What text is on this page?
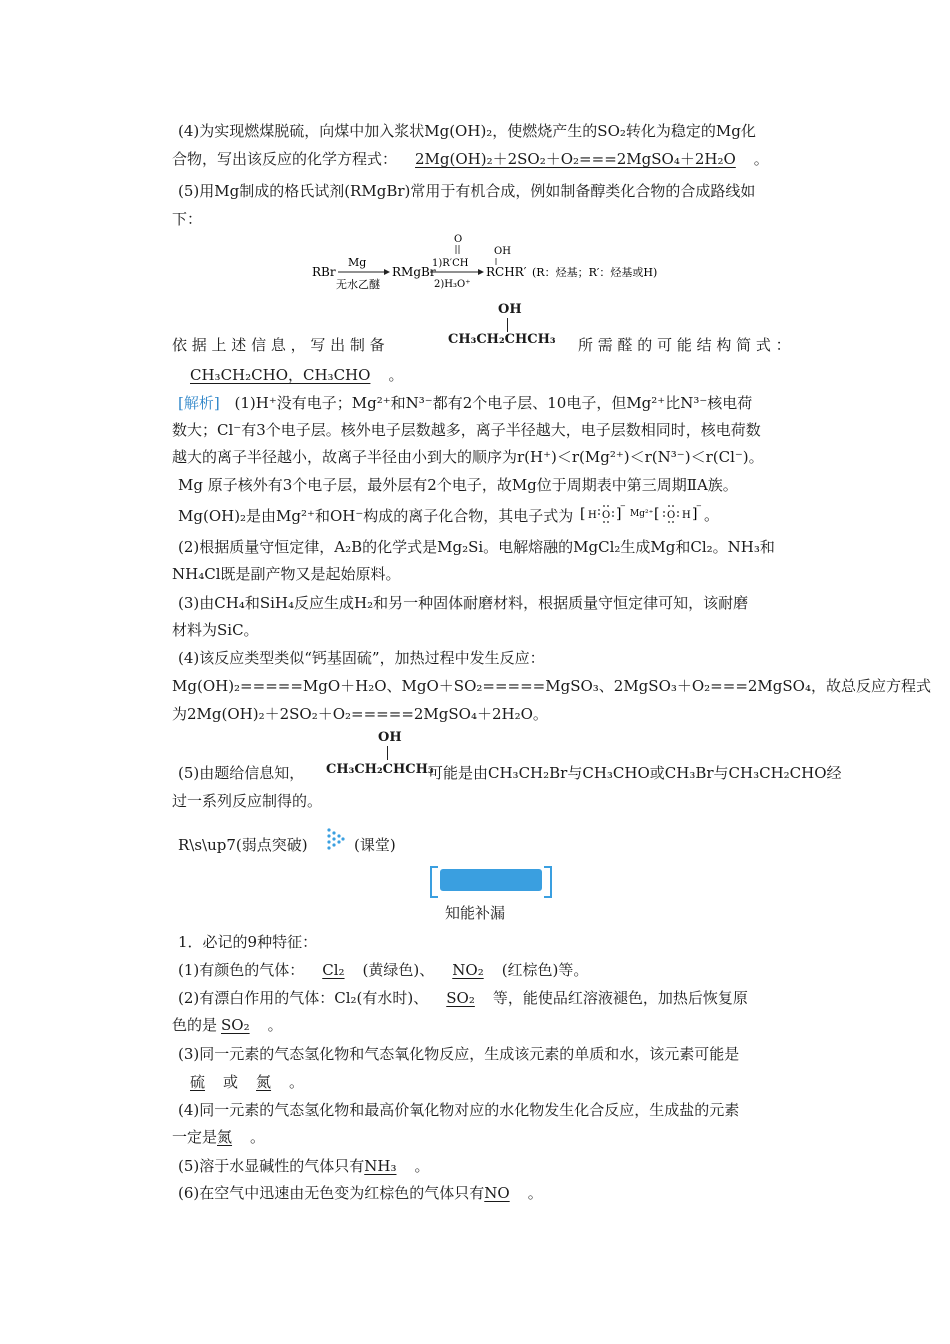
(4)为实现燃煤脱硫，向煤中加入浆状Mg(OH)₂，使燃烧产生的SO₂转化为稳定的Mg化
合物，写出该反应的化学方程式： 2Mg(OH)₂＋2SO₂＋O₂===2MgSO₄＋2H₂O 。
(5)用Mg制成的格氏试剂(RMgBr)常用于有机合成，例如制备醇类化合物的合成路线如
下：
RBr
Mg
无水乙醚
RMgBr
O
1)R′CH
2)H₃O⁺
OH
RCHR′ (R：烃基；R′：烃基或H)
OH
CH₃CH₂CHCH₃
依 据 上 述 信 息 ， 写 出 制 备	所 需 醛 的 可 能 结 构 简 式 ：
CH₃CH₂CHO，CH₃CHO 。
[解析] (1)H⁺没有电子；Mg²⁺和N³⁻都有2个电子层、10电子，但Mg²⁺比N³⁻核电荷
数大；Cl⁻有3个电子层。核外电子层数越多，离子半径越大，电子层数相同时，核电荷数
越大的离子半径越小，故离子半径由小到大的顺序为r(H⁺)＜r(Mg²⁺)＜r(N³⁻)＜r(Cl⁻)。
Mg 原子核外有3个电子层，最外层有2个电子，故Mg位于周期表中第三周期ⅡA族。
Mg(OH)₂是由Mg²⁺和OH⁻构成的离子化合物，其电子式为 [ H O ]
−
Mg²⁺ [ O H ]
− 。
(2)根据质量守恒定律，A₂B的化学式是Mg₂Si。电解熔融的MgCl₂生成Mg和Cl₂。NH₃和
NH₄Cl既是副产物又是起始原料。
(3)由CH₄和SiH₄反应生成H₂和另一种固体耐磨材料，根据质量守恒定律可知，该耐磨
材料为SiC。
(4)该反应类型类似“钙基固硫”，加热过程中发生反应：
Mg(OH)₂=====MgO＋H₂O、MgO＋SO₂=====MgSO₃、2MgSO₃＋O₂===2MgSO₄，故总反应方程式
为2Mg(OH)₂＋2SO₂＋O₂=====2MgSO₄＋2H₂O。
OH
CH₃CH₂CHCH₃
(5)由题给信息知，	可能是由CH₃CH₂Br与CH₃CHO或CH₃Br与CH₃CH₂CHO经
过一系列反应制得的。
R\s\up7(弱点突破)	(课堂)
知能补漏
1．必记的9种特征：
(1)有颜色的气体： Cl₂ (黄绿色)、 NO₂ (红棕色)等。
(2)有漂白作用的气体：Cl₂(有水时)、 SO₂ 等，能使品红溶液褪色，加热后恢复原
色的是 SO₂ 。
(3)同一元素的气态氢化物和气态氧化物反应，生成该元素的单质和水，该元素可能是
硫 或 氮 。
(4)同一元素的气态氢化物和最高价氧化物对应的水化物发生化合反应，生成盐的元素
一定是氮 。
(5)溶于水显碱性的气体只有NH₃ 。
(6)在空气中迅速由无色变为红棕色的气体只有NO 。
